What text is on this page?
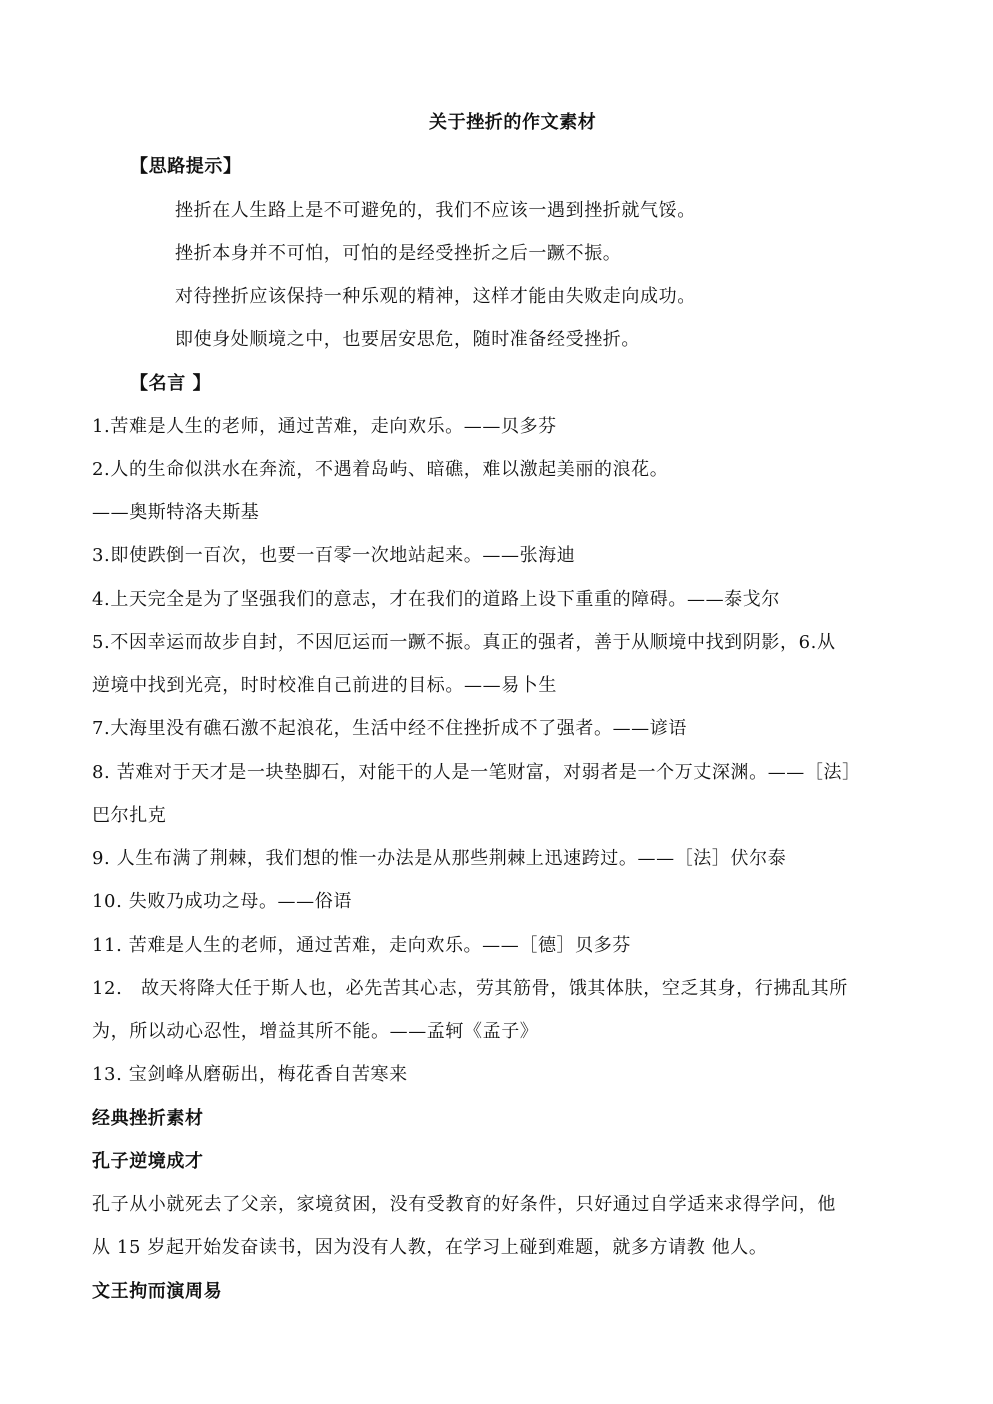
关于挫折的作文素材
【思路提示】
挫折在人生路上是不可避免的，我们不应该一遇到挫折就气馁。
挫折本身并不可怕，可怕的是经受挫折之后一蹶不振。
对待挫折应该保持一种乐观的精神，这样才能由失败走向成功。
即使身处顺境之中，也要居安思危，随时准备经受挫折。
【名言 】
1.苦难是人生的老师，通过苦难，走向欢乐。——贝多芬
2.人的生命似洪水在奔流，不遇着岛屿、暗礁，难以激起美丽的浪花。
——奥斯特洛夫斯基
3.即使跌倒一百次，也要一百零一次地站起来。——张海迪
4.上天完全是为了坚强我们的意志，才在我们的道路上设下重重的障碍。——泰戈尔
5.不因幸运而故步自封，不因厄运而一蹶不振。真正的强者，善于从顺境中找到阴影，6.从
逆境中找到光亮，时时校准自己前进的目标。——易卜生
7.大海里没有礁石激不起浪花，生活中经不住挫折成不了强者。——谚语
8. 苦难对于天才是一块垫脚石，对能干的人是一笔财富，对弱者是一个万丈深渊。——［法］
巴尔扎克
9. 人生布满了荆棘，我们想的惟一办法是从那些荆棘上迅速跨过。——［法］伏尔泰
10. 失败乃成功之母。——俗语
11. 苦难是人生的老师，通过苦难，走向欢乐。——［德］贝多芬
12.　故天将降大任于斯人也，必先苦其心志，劳其筋骨，饿其体肤，空乏其身，行拂乱其所
为，所以动心忍性，增益其所不能。——孟轲《孟子》
13. 宝剑峰从磨砺出，梅花香自苦寒来
经典挫折素材
孔子逆境成才
孔子从小就死去了父亲，家境贫困，没有受教育的好条件，只好通过自学适来求得学问，他
从 15 岁起开始发奋读书，因为没有人教，在学习上碰到难题，就多方请教 他人。
文王拘而演周易
